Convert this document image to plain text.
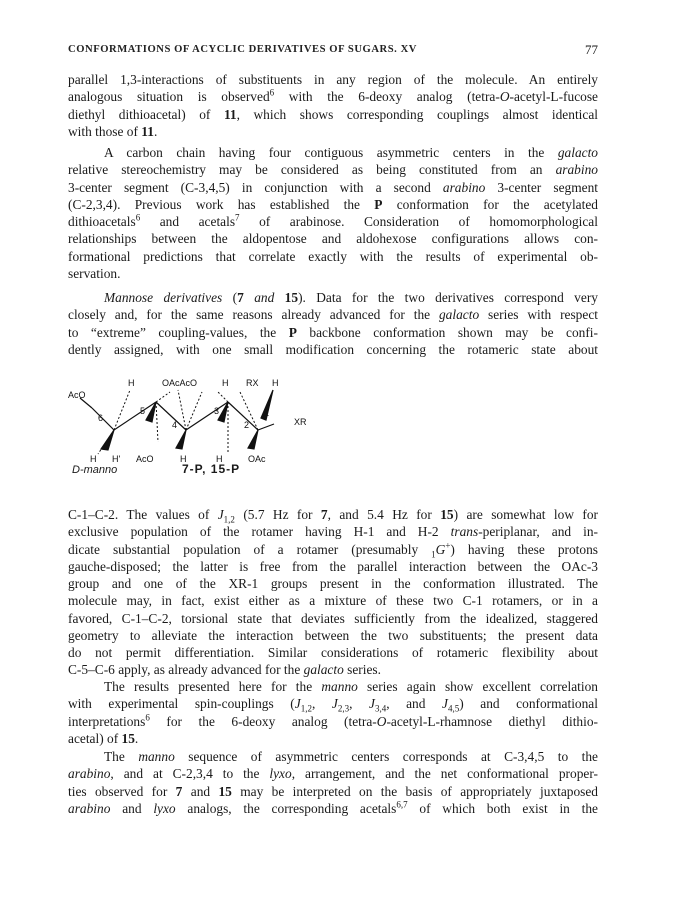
CONFORMATIONS OF ACYCLIC DERIVATIVES OF SUGARS. XV	77
parallel 1,3-interactions of substituents in any region of the molecule. An entirely
analogous situation is observed$^6$ with the 6-deoxy analog (tetra-O-acetyl-L-fucose
diethyl dithioacetal) of 11, which shows corresponding couplings almost identical
with those of 11.
A carbon chain having four contiguous asymmetric centers in the galacto
relative stereochemistry may be considered as being constituted from an arabino
3-center segment (C-3,4,5) in conjunction with a second arabino 3-center segment
(C-2,3,4). Previous work has established the P conformation for the acetylated
dithioacetals$^6$ and acetals$^7$ of arabinose. Consideration of homomorphological
relationships between the aldopentose and aldohexose configurations allows con-
formational predictions that correlate exactly with the results of experimental ob-
servation.
Mannose derivatives (7 and 15). Data for the two derivatives correspond very
closely and, for the same reasons already advanced for the galacto series with respect
to “extreme” coupling-values, the P backbone conformation shown may be confi-
dently assigned, with one small modification concerning the rotameric state about
H	OAcAcO	H RX H
AcO
XR
6
5
4
3
2
1
H H' AcO	H	H	OAc
D-manno	7-P, 15-P
C-1–C-2. The values of $J_{1,2}$ (5.7 Hz for 7, and 5.4 Hz for 15) are somewhat low for
exclusive population of the rotamer having H-1 and H-2 trans-periplanar, and in-
dicate substantial population of a rotamer (presumably $_1$G+) having these protons
gauche-disposed; the latter is free from the parallel interaction between the OAc-3
group and one of the XR-1 groups present in the conformation illustrated. The
molecule may, in fact, exist either as a mixture of these two C-1 rotamers, or in a
favored, C-1–C-2, torsional state that deviates sufficiently from the idealized, staggered
geometry to alleviate the interaction between the two substituents; the present data
do not permit differentiation. Similar considerations of rotameric flexibility about
C-5–C-6 apply, as already advanced for the galacto series.
The results presented here for the manno series again show excellent correlation
with experimental spin-couplings ($J_{1,2}$, $J_{2,3}$, $J_{3,4}$, and $J_{4,5}$) and conformational
interpretations$^6$ for the 6-deoxy analog (tetra-O-acetyl-L-rhamnose diethyl dithio-
acetal) of 15.
The manno sequence of asymmetric centers corresponds at C-3,4,5 to the
arabino, and at C-2,3,4 to the lyxo, arrangement, and the net conformational proper-
ties observed for 7 and 15 may be interpreted on the basis of appropriately juxtaposed
arabino and lyxo analogs, the corresponding acetals$^{6,7}$ of which both exist in the
